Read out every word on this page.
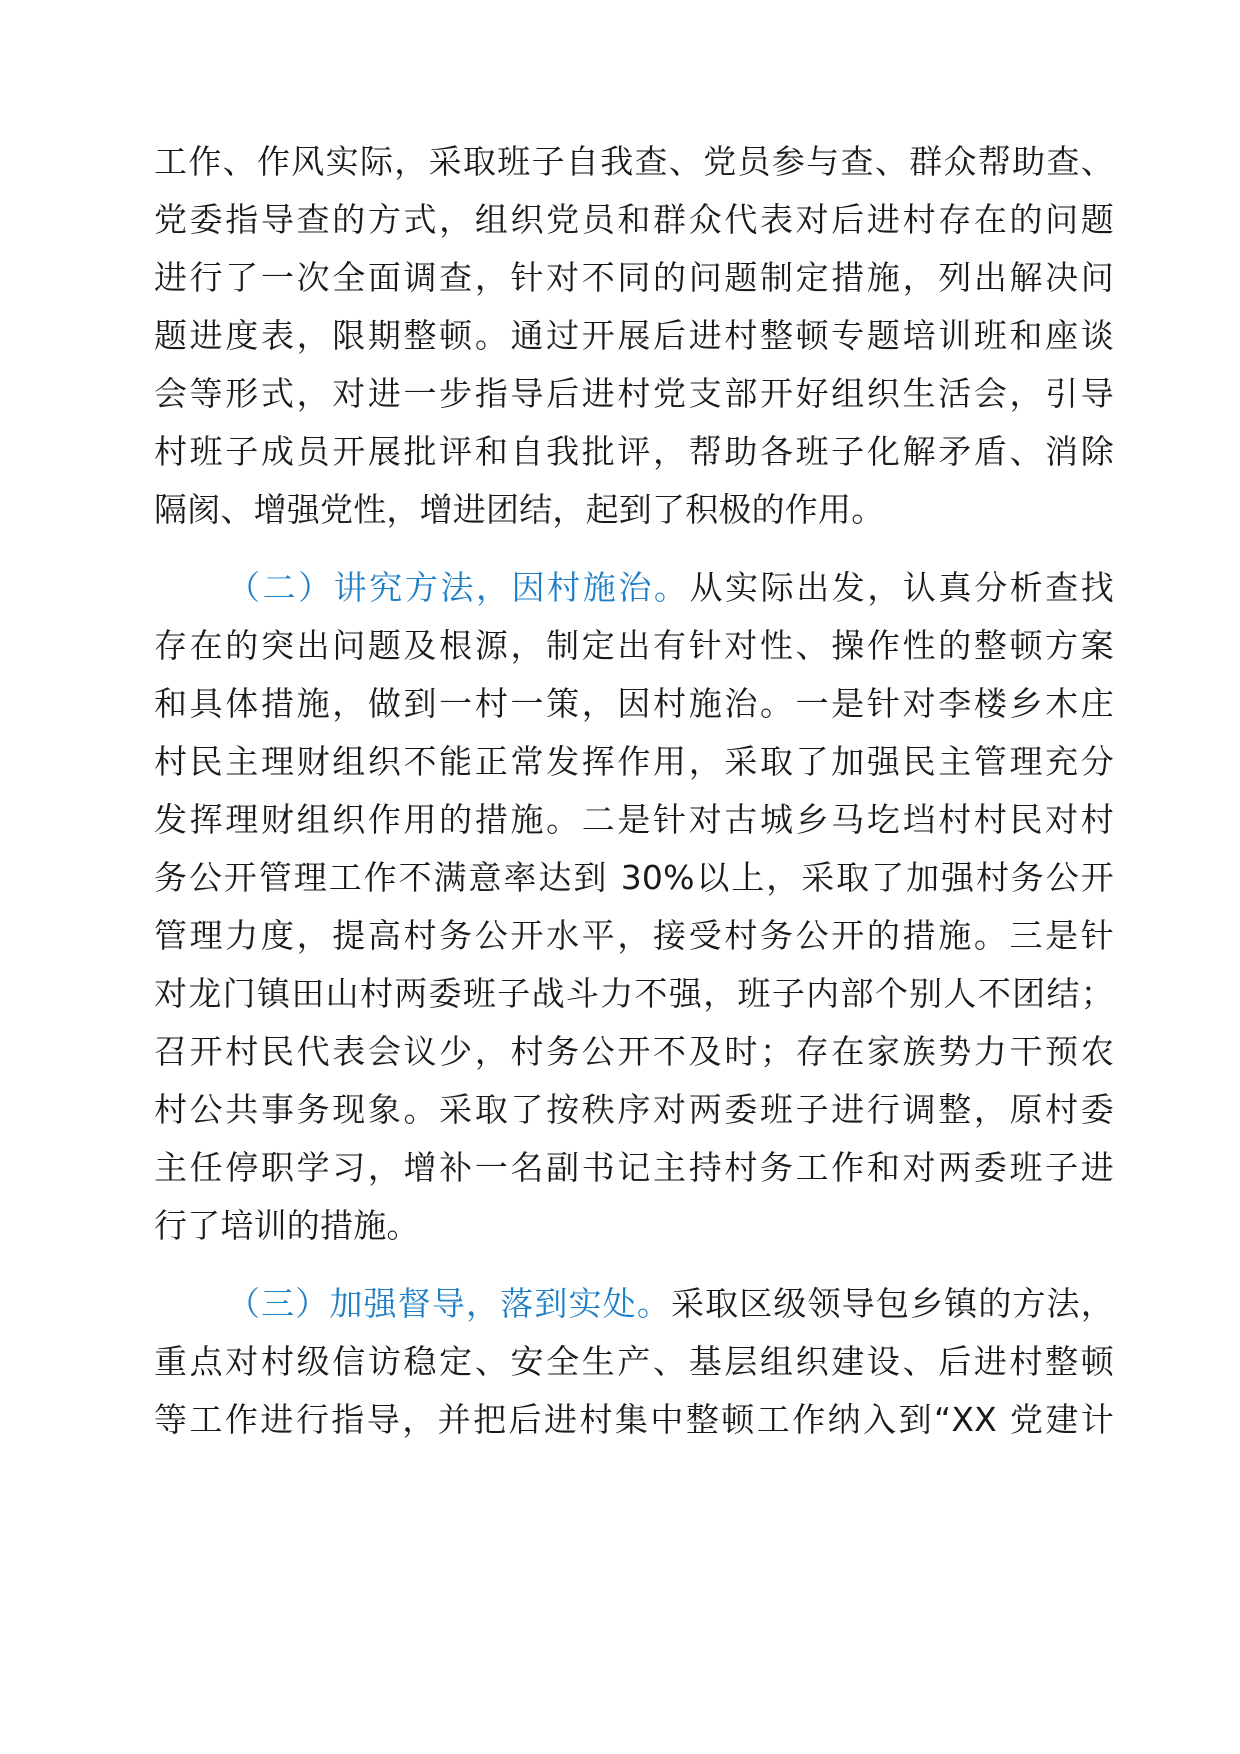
工作、作风实际，采取班子自我查、党员参与查、群众帮助查、
党委指导查的方式，组织党员和群众代表对后进村存在的问题
进行了一次全面调查，针对不同的问题制定措施，列出解决问
题进度表，限期整顿。通过开展后进村整顿专题培训班和座谈
会等形式，对进一步指导后进村党支部开好组织生活会，引导
村班子成员开展批评和自我批评，帮助各班子化解矛盾、消除
隔阂、增强党性，增进团结，起到了积极的作用。
（二）讲究方法，因村施治。从实际出发，认真分析查找
存在的突出问题及根源，制定出有针对性、操作性的整顿方案
和具体措施，做到一村一策，因村施治。一是针对李楼乡木庄
村民主理财组织不能正常发挥作用，采取了加强民主管理充分
发挥理财组织作用的措施。二是针对古城乡马圪垱村村民对村
务公开管理工作不满意率达到 30%以上，采取了加强村务公开
管理力度，提高村务公开水平，接受村务公开的措施。三是针
对龙门镇田山村两委班子战斗力不强，班子内部个别人不团结；
召开村民代表会议少，村务公开不及时；存在家族势力干预农
村公共事务现象。采取了按秩序对两委班子进行调整，原村委
主任停职学习，增补一名副书记主持村务工作和对两委班子进
行了培训的措施。
（三）加强督导，落到实处。采取区级领导包乡镇的方法，
重点对村级信访稳定、安全生产、基层组织建设、后进村整顿
等工作进行指导，并把后进村集中整顿工作纳入到“XX 党建计
